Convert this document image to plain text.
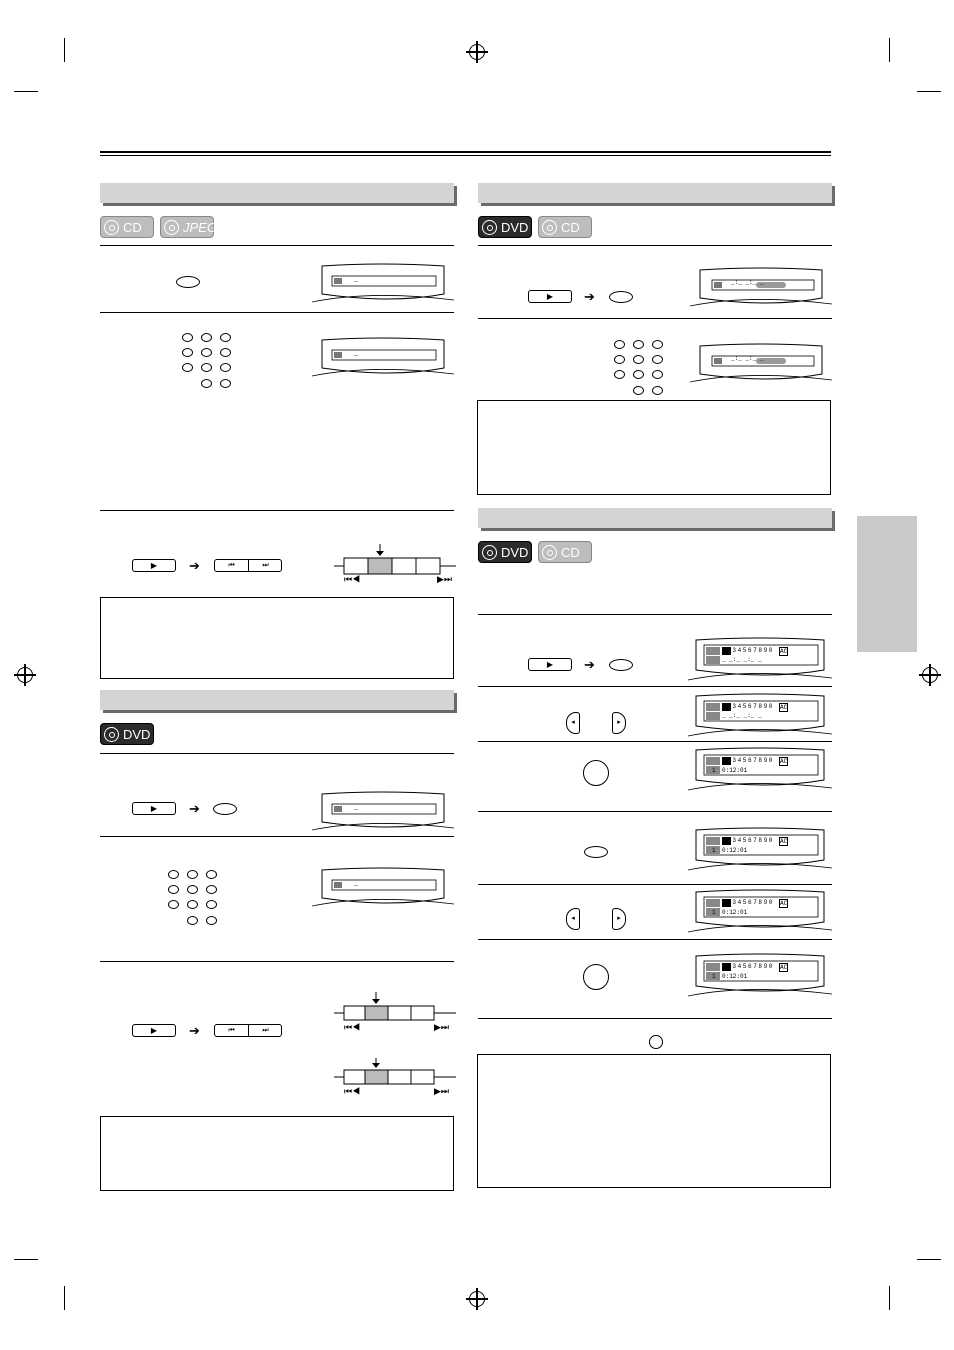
CD	JPEG
_
_
▶	➔	⏮	⏭
⏮◀	▶⏭
DVD
▶	➔	_
_
▶	➔	⏮	⏭	⏮◀	▶⏭
⏮◀	▶⏭
DVD	CD
▶	➔
_:_ _:_ _
_:_ _:_ _
DVD	CD
▶	➔
1 2 3 4 5 6 7 8 9 0 AC
_ _:_ _:_ _
◂	▸
1 2 3 4 5 6 7 8 9 0 AC
_ _:_ _:_ _
1 2 3 4 5 6 7 8 9 0 AC
1 0:12:01
1 2 3 4 5 6 7 8 9 0 AC
1 0:12:01
◂	▸
1 2 3 4 5 6 7 8 9 0 AC
1 0:12:01
1 2 3 4 5 6 7 8 9 0 AC
1 0:12:01
